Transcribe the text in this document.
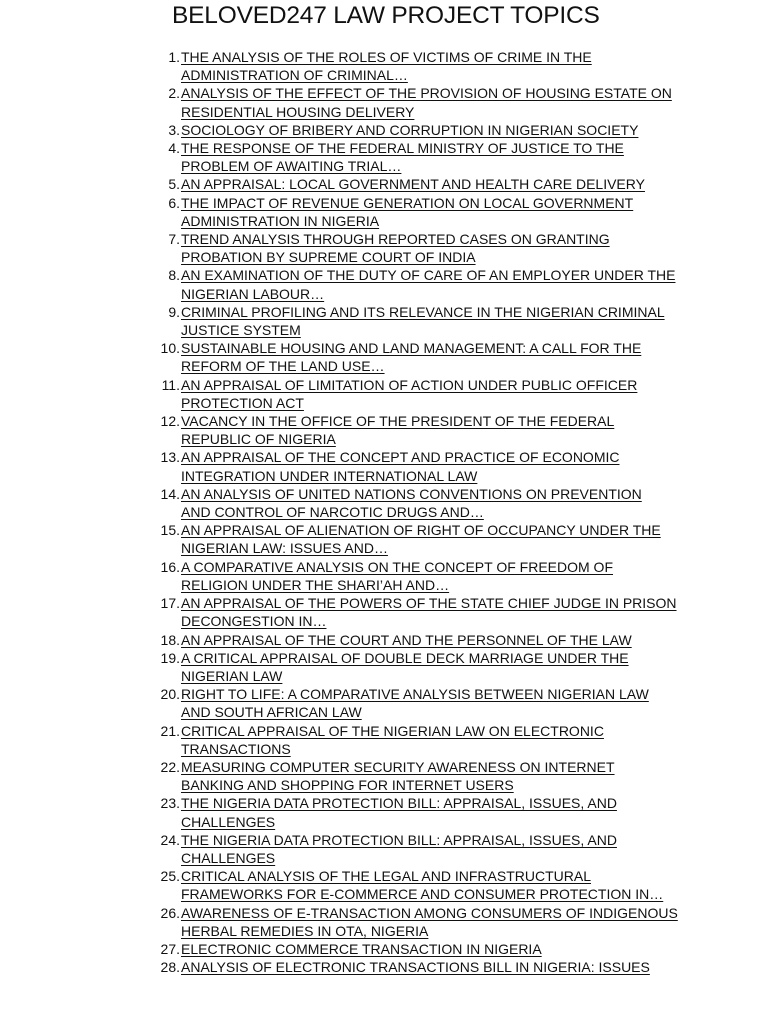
BELOVED247 LAW PROJECT TOPICS
1. THE ANALYSIS OF THE ROLES OF VICTIMS OF CRIME IN THE
ADMINISTRATION OF CRIMINAL…
2. ANALYSIS OF THE EFFECT OF THE PROVISION OF HOUSING ESTATE ON
RESIDENTIAL HOUSING DELIVERY
3. SOCIOLOGY OF BRIBERY AND CORRUPTION IN NIGERIAN SOCIETY
4. THE RESPONSE OF THE FEDERAL MINISTRY OF JUSTICE TO THE
PROBLEM OF AWAITING TRIAL…
5. AN APPRAISAL: LOCAL GOVERNMENT AND HEALTH CARE DELIVERY
6. THE IMPACT OF REVENUE GENERATION ON LOCAL GOVERNMENT
ADMINISTRATION IN NIGERIA
7. TREND ANALYSIS THROUGH REPORTED CASES ON GRANTING
PROBATION BY SUPREME COURT OF INDIA
8. AN EXAMINATION OF THE DUTY OF CARE OF AN EMPLOYER UNDER THE
NIGERIAN LABOUR…
9. CRIMINAL PROFILING AND ITS RELEVANCE IN THE NIGERIAN CRIMINAL
JUSTICE SYSTEM
10. SUSTAINABLE HOUSING AND LAND MANAGEMENT: A CALL FOR THE
REFORM OF THE LAND USE…
11. AN APPRAISAL OF LIMITATION OF ACTION UNDER PUBLIC OFFICER
PROTECTION ACT
12. VACANCY IN THE OFFICE OF THE PRESIDENT OF THE FEDERAL
REPUBLIC OF NIGERIA
13. AN APPRAISAL OF THE CONCEPT AND PRACTICE OF ECONOMIC
INTEGRATION UNDER INTERNATIONAL LAW
14. AN ANALYSIS OF UNITED NATIONS CONVENTIONS ON PREVENTION
AND CONTROL OF NARCOTIC DRUGS AND…
15. AN APPRAISAL OF ALIENATION OF RIGHT OF OCCUPANCY UNDER THE
NIGERIAN LAW: ISSUES AND…
16. A COMPARATIVE ANALYSIS ON THE CONCEPT OF FREEDOM OF
RELIGION UNDER THE SHARI’AH AND…
17. AN APPRAISAL OF THE POWERS OF THE STATE CHIEF JUDGE IN PRISON
DECONGESTION IN…
18. AN APPRAISAL OF THE COURT AND THE PERSONNEL OF THE LAW
19. A CRITICAL APPRAISAL OF DOUBLE DECK MARRIAGE UNDER THE
NIGERIAN LAW
20. RIGHT TO LIFE: A COMPARATIVE ANALYSIS BETWEEN NIGERIAN LAW
AND SOUTH AFRICAN LAW
21. CRITICAL APPRAISAL OF THE NIGERIAN LAW ON ELECTRONIC
TRANSACTIONS
22. MEASURING COMPUTER SECURITY AWARENESS ON INTERNET
BANKING AND SHOPPING FOR INTERNET USERS
23. THE NIGERIA DATA PROTECTION BILL: APPRAISAL, ISSUES, AND
CHALLENGES
24. THE NIGERIA DATA PROTECTION BILL: APPRAISAL, ISSUES, AND
CHALLENGES
25. CRITICAL ANALYSIS OF THE LEGAL AND INFRASTRUCTURAL
FRAMEWORKS FOR E-COMMERCE AND CONSUMER PROTECTION IN…
26. AWARENESS OF E-TRANSACTION AMONG CONSUMERS OF INDIGENOUS
HERBAL REMEDIES IN OTA, NIGERIA
27. ELECTRONIC COMMERCE TRANSACTION IN NIGERIA
28. ANALYSIS OF ELECTRONIC TRANSACTIONS BILL IN NIGERIA: ISSUES
